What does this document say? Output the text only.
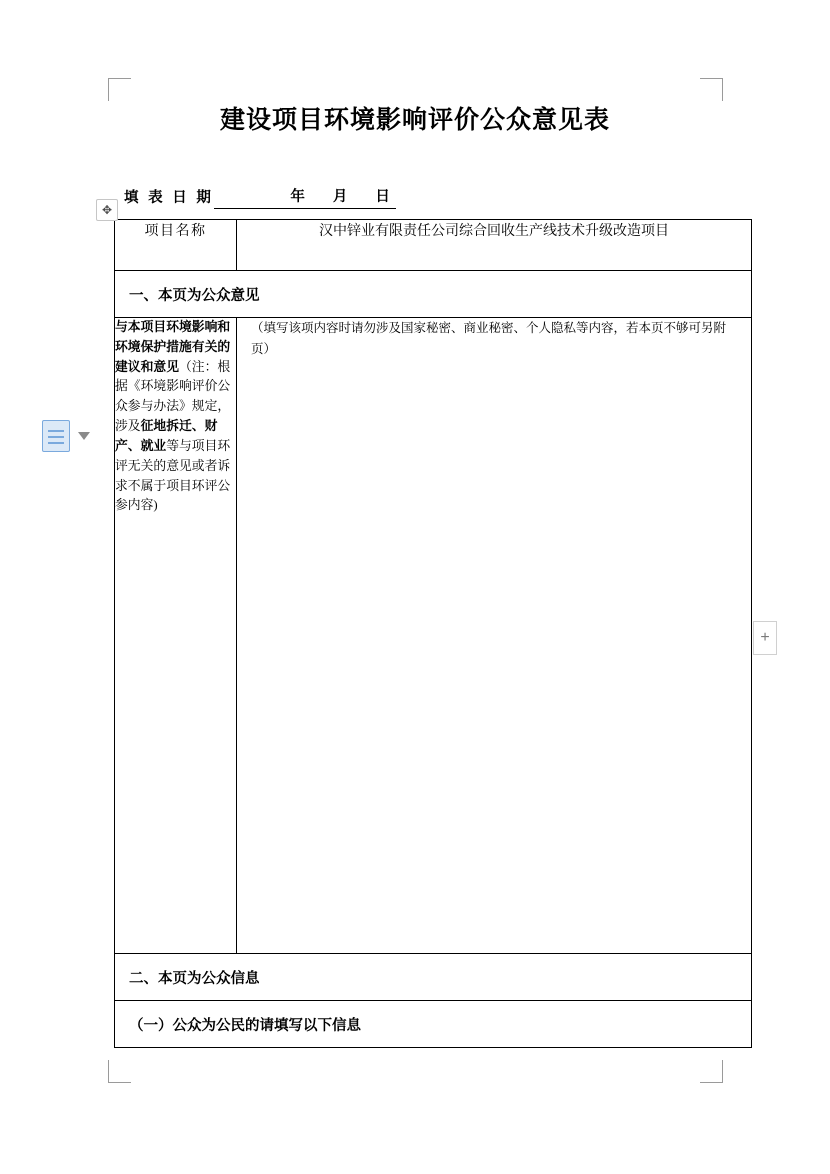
建设项目环境影响评价公众意见表
填 表 日 期	年 月 日
项目名称	汉中锌业有限责任公司综合回收生产线技术升级改造项目

一、本页为公众意见	
与本项目环境影响和环境保护措施有关的建议和意见（注：根据《环境影响评价公众参与办法》规定，涉及征地拆迁、财产、就业等与项目环评无关的意见或者诉求不属于项目环评公参内容)	（填写该项内容时请勿涉及国家秘密、商业秘密、个人隐私等内容，若本页不够可另附页）

二、本页为公众信息	
（一）公众为公民的请填写以下信息	
✥
+
